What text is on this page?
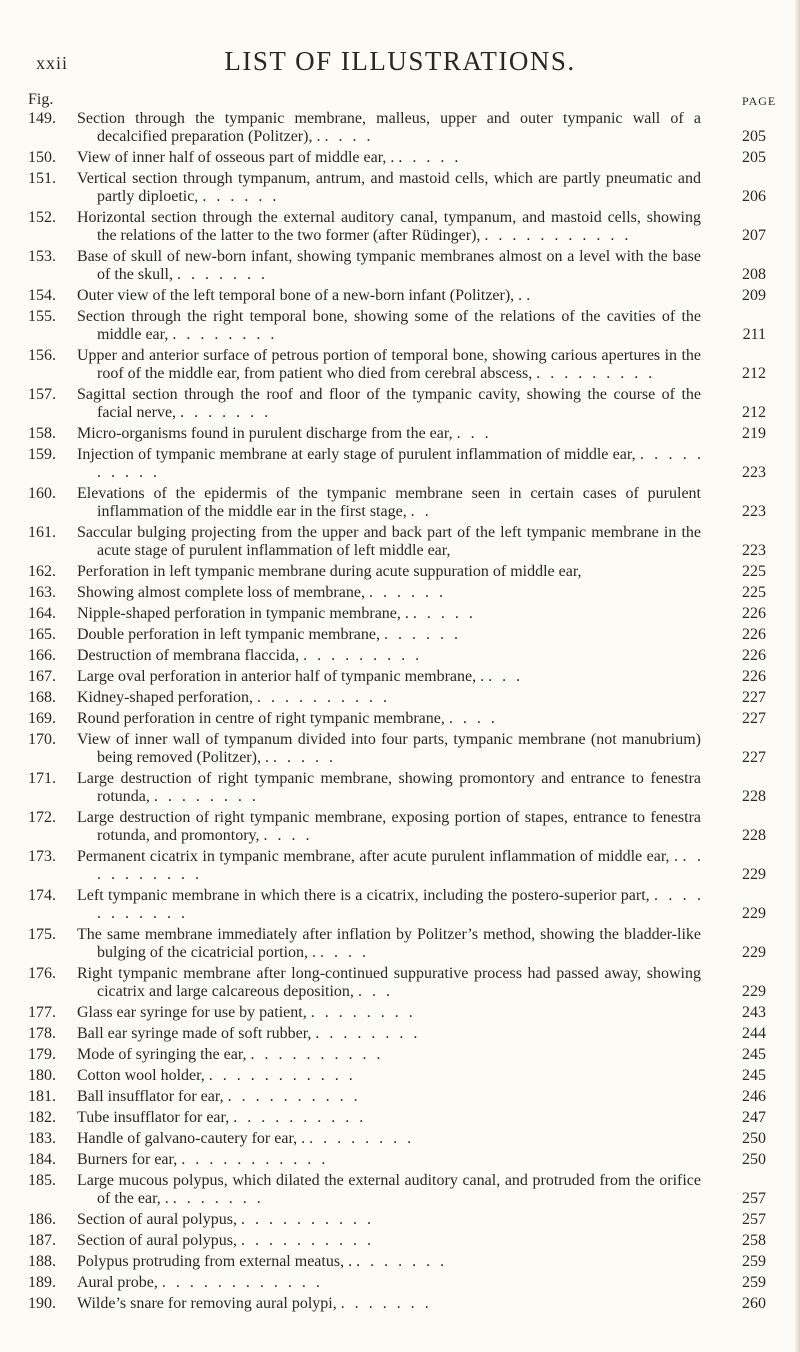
xxii	LIST OF ILLUSTRATIONS.
Fig.	PAGE
149. Section through the tympanic membrane, malleus, upper and outer tympanic wall of a decalcified preparation (Politzer), . . . . .	205
150. View of inner half of osseous part of middle ear, . . . . . .	205
151. Vertical section through tympanum, antrum, and mastoid cells, which are partly pneumatic and partly diploetic, . . . . . .	206
152. Horizontal section through the external auditory canal, tympanum, and mastoid cells, showing the relations of the latter to the two former (after Rüdinger), . . . . . . . . . . .	207
153. Base of skull of new-born infant, showing tympanic membranes almost on a level with the base of the skull, . . . . . . .	208
154. Outer view of the left temporal bone of a new-born infant (Politzer), . .	209
155. Section through the right temporal bone, showing some of the relations of the cavities of the middle ear, . . . . . . . .	211
156. Upper and anterior surface of petrous portion of temporal bone, showing carious apertures in the roof of the middle ear, from patient who died from cerebral abscess, . . . . . . . . .	212
157. Sagittal section through the roof and floor of the tympanic cavity, showing the course of the facial nerve, . . . . . . .	212
158. Micro-organisms found in purulent discharge from the ear, . . .	219
159. Injection of tympanic membrane at early stage of purulent inflammation of middle ear, . . . . . . . . . .	223
160. Elevations of the epidermis of the tympanic membrane seen in certain cases of purulent inflammation of the middle ear in the first stage, . .	223
161. Saccular bulging projecting from the upper and back part of the left tympanic membrane in the acute stage of purulent inflammation of left middle ear,	223
162. Perforation in left tympanic membrane during acute suppuration of middle ear,	225
163. Showing almost complete loss of membrane, . . . . . .	225
164. Nipple-shaped perforation in tympanic membrane, . . . . . .	226
165. Double perforation in left tympanic membrane, . . . . . .	226
166. Destruction of membrana flaccida, . . . . . . . . .	226
167. Large oval perforation in anterior half of tympanic membrane, . . . .	226
168. Kidney-shaped perforation, . . . . . . . . . .	227
169. Round perforation in centre of right tympanic membrane, . . . .	227
170. View of inner wall of tympanum divided into four parts, tympanic membrane (not manubrium) being removed (Politzer), . . . . . .	227
171. Large destruction of right tympanic membrane, showing promontory and entrance to fenestra rotunda, . . . . . . . .	228
172. Large destruction of right tympanic membrane, exposing portion of stapes, entrance to fenestra rotunda, and promontory, . . . .	228
173. Permanent cicatrix in tympanic membrane, after acute purulent inflammation of middle ear, . . . . . . . . . . .	229
174. Left tympanic membrane in which there is a cicatrix, including the postero-superior part, . . . . . . . . . . .	229
175. The same membrane immediately after inflation by Politzer’s method, showing the bladder-like bulging of the cicatricial portion, . . . . .	229
176. Right tympanic membrane after long-continued suppurative process had passed away, showing cicatrix and large calcareous deposition, . . .	229
177. Glass ear syringe for use by patient, . . . . . . . .	243
178. Ball ear syringe made of soft rubber, . . . . . . . .	244
179. Mode of syringing the ear, . . . . . . . . . .	245
180. Cotton wool holder, . . . . . . . . . . .	245
181. Ball insufflator for ear, . . . . . . . . . .	246
182. Tube insufflator for ear, . . . . . . . . . .	247
183. Handle of galvano-cautery for ear, . . . . . . . . .	250
184. Burners for ear, . . . . . . . . . . .	250
185. Large mucous polypus, which dilated the external auditory canal, and protruded from the orifice of the ear, . . . . . . . .	257
186. Section of aural polypus, . . . . . . . . . .	257
187. Section of aural polypus, . . . . . . . . . .	258
188. Polypus protruding from external meatus, . . . . . . . .	259
189. Aural probe, . . . . . . . . . . . .	259
190. Wilde’s snare for removing aural polypi, . . . . . . .	260
